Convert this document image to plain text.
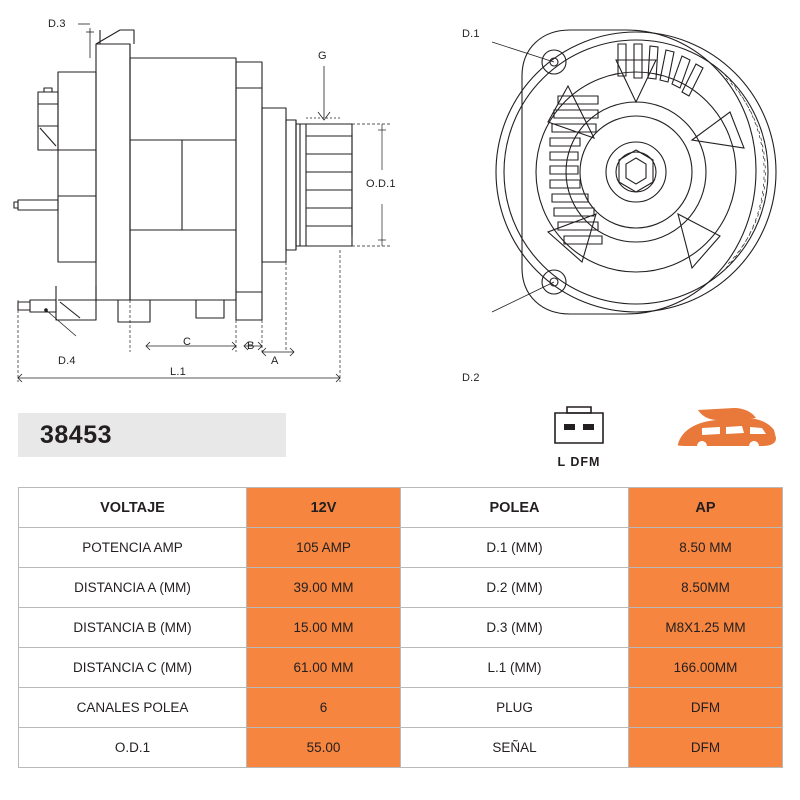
D.3
G
O.D.1
D.4	A
B
C
L.1
D.1
D.2
38453
L DFM
VOLTAJE	12V	POLEA	AP
POTENCIA AMP	105 AMP	D.1 (MM)	8.50 MM
DISTANCIA A (MM)	39.00 MM	D.2 (MM)	8.50MM
DISTANCIA B (MM)	15.00 MM	D.3 (MM)	M8X1.25 MM
DISTANCIA C (MM)	61.00 MM	L.1 (MM)	166.00MM
CANALES POLEA	6	PLUG	DFM
O.D.1	55.00	SEÑAL	DFM
